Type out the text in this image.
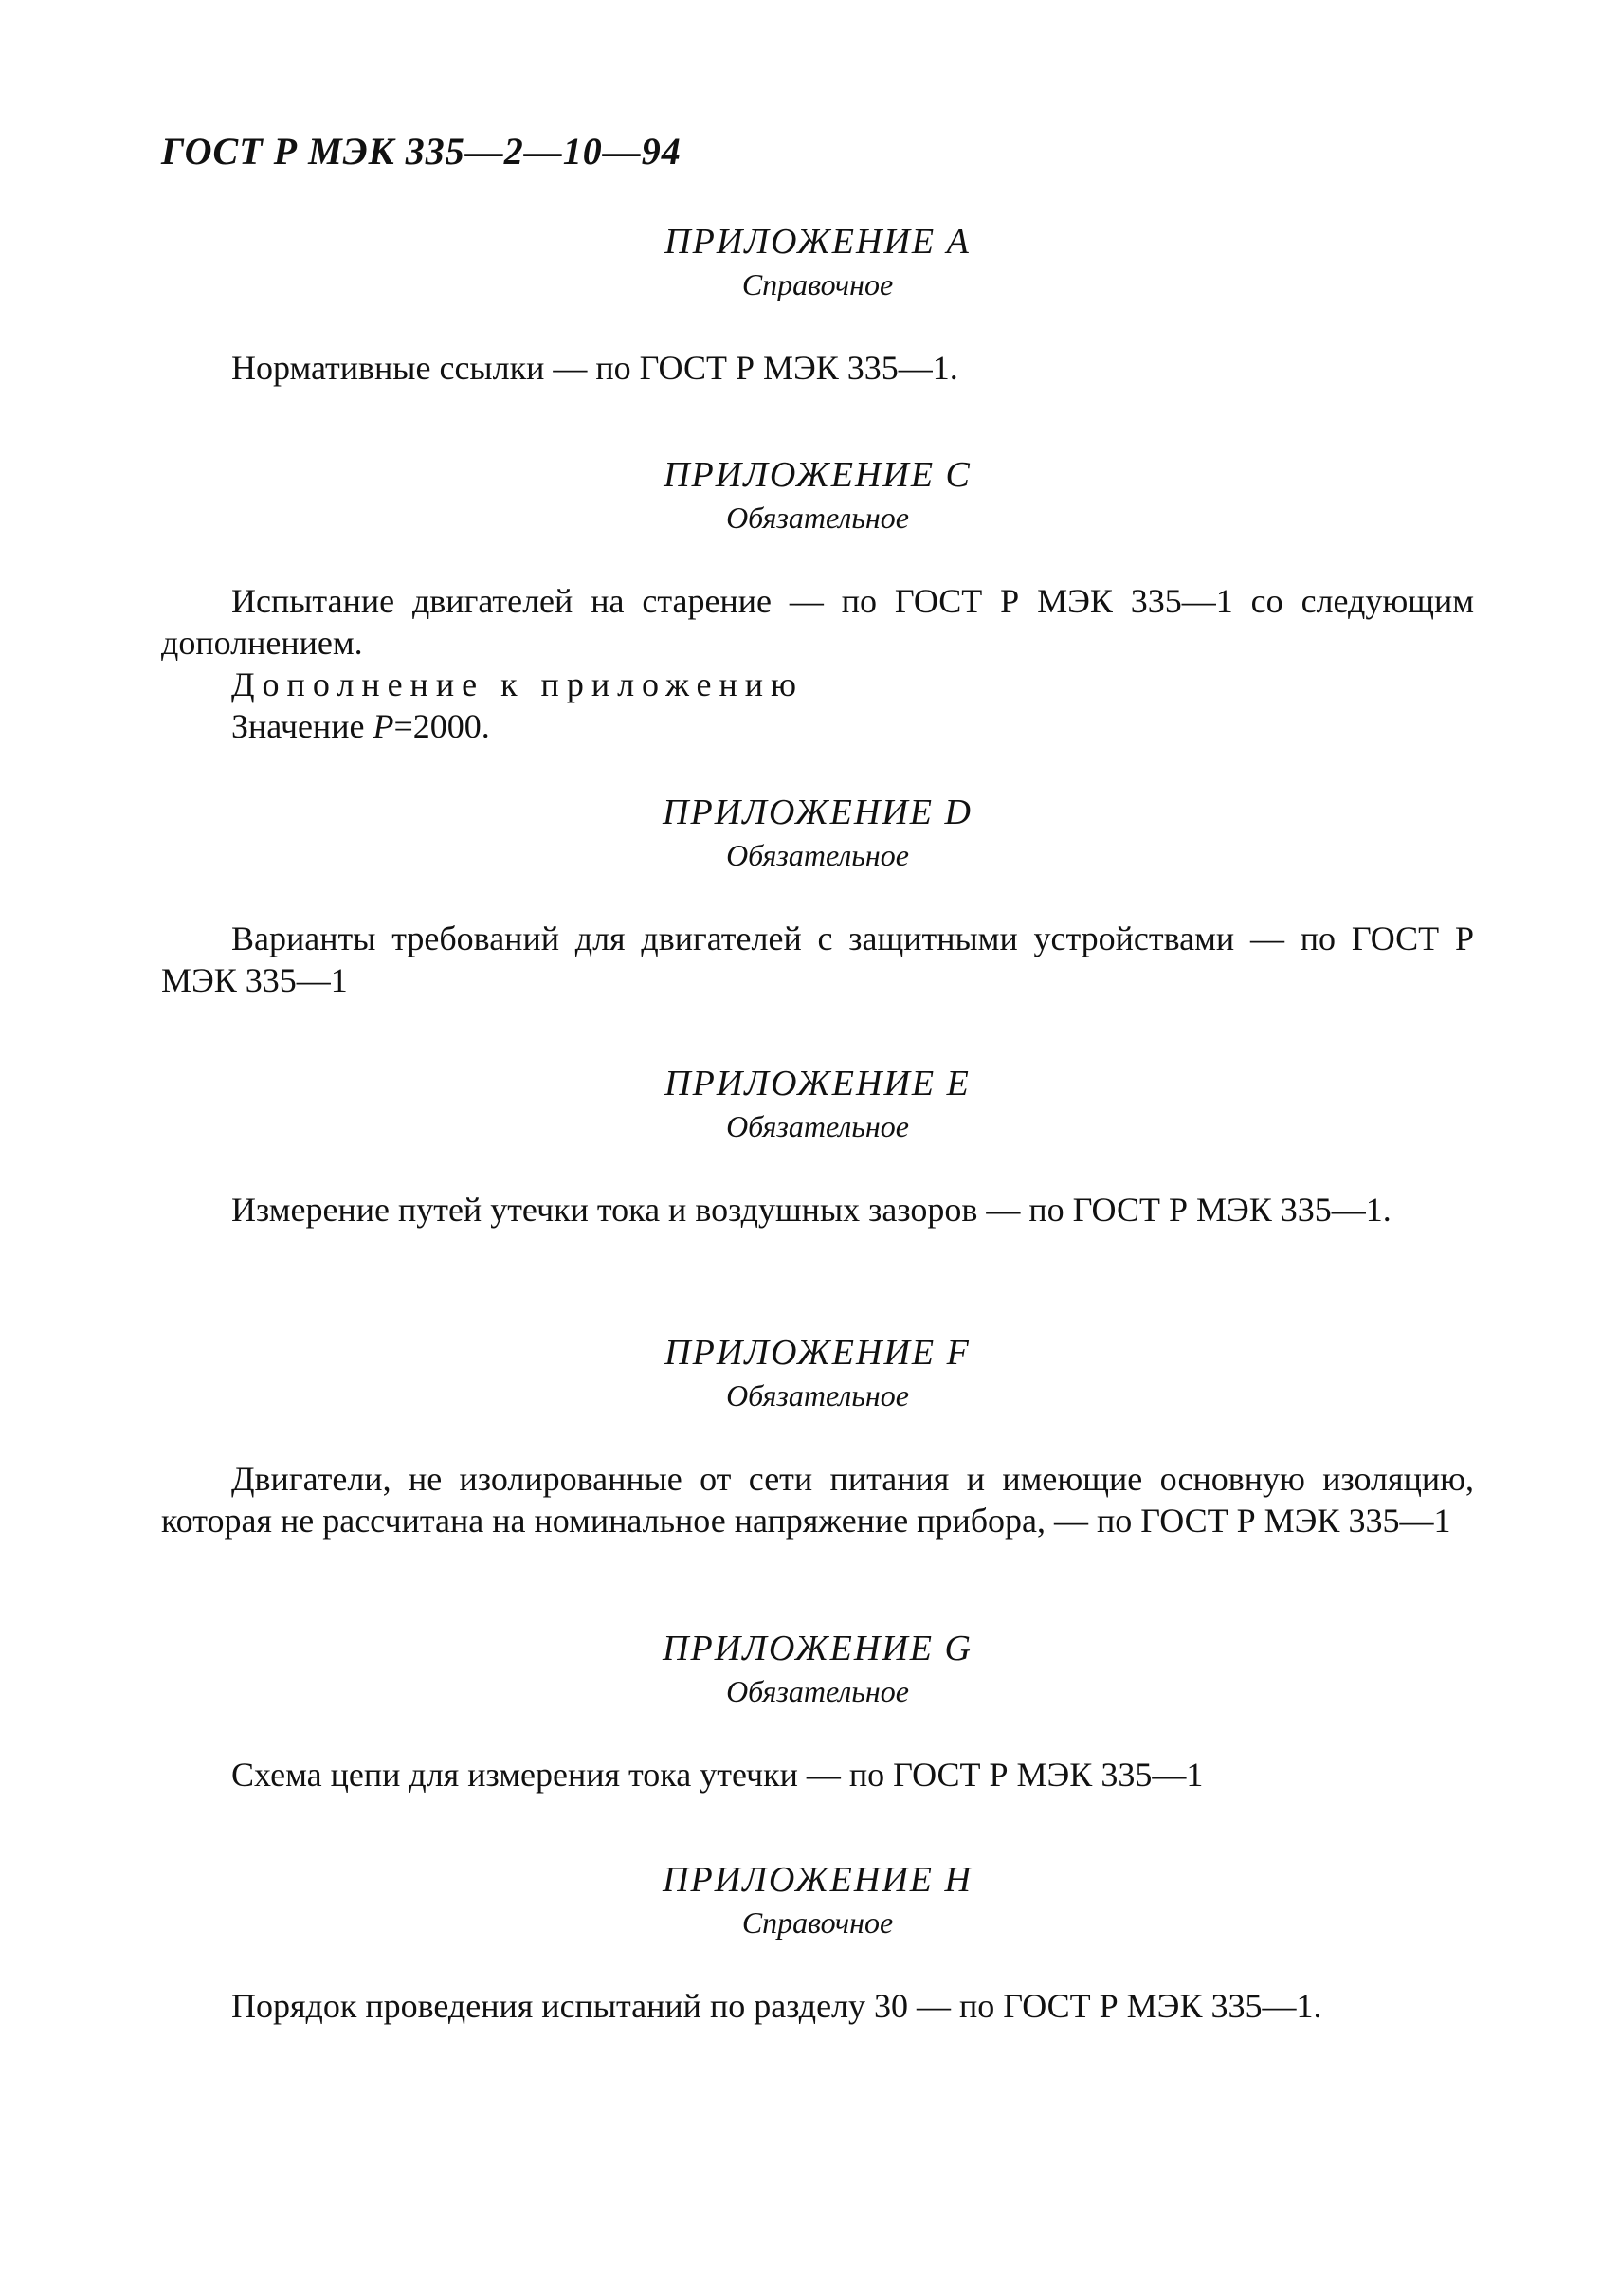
ГОСТ Р МЭК 335—2—10—94
ПРИЛОЖЕНИЕ А
Справочное

Нормативные ссылки — по ГОСТ Р МЭК 335—1.

ПРИЛОЖЕНИЕ С
Обязательное

Испытание двигателей на старение — по ГОСТ Р МЭК 335—1 со следующим дополнением.

Дополнение к приложению

Значение P=2000.

ПРИЛОЖЕНИЕ D
Обязательное

Варианты требований для двигателей с защитными устройствами — по ГОСТ Р МЭК 335—1

ПРИЛОЖЕНИЕ Е
Обязательное

Измерение путей утечки тока и воздушных зазоров — по ГОСТ Р МЭК 335—1.

ПРИЛОЖЕНИЕ F
Обязательное

Двигатели, не изолированные от сети питания и имеющие основную изоляцию, которая не рассчитана на номинальное напряжение прибора, — по ГОСТ Р МЭК 335—1

ПРИЛОЖЕНИЕ G
Обязательное

Схема цепи для измерения тока утечки — по ГОСТ Р МЭК 335—1

ПРИЛОЖЕНИЕ Н
Справочное

Порядок проведения испытаний по разделу 30 — по ГОСТ Р МЭК 335—1.
